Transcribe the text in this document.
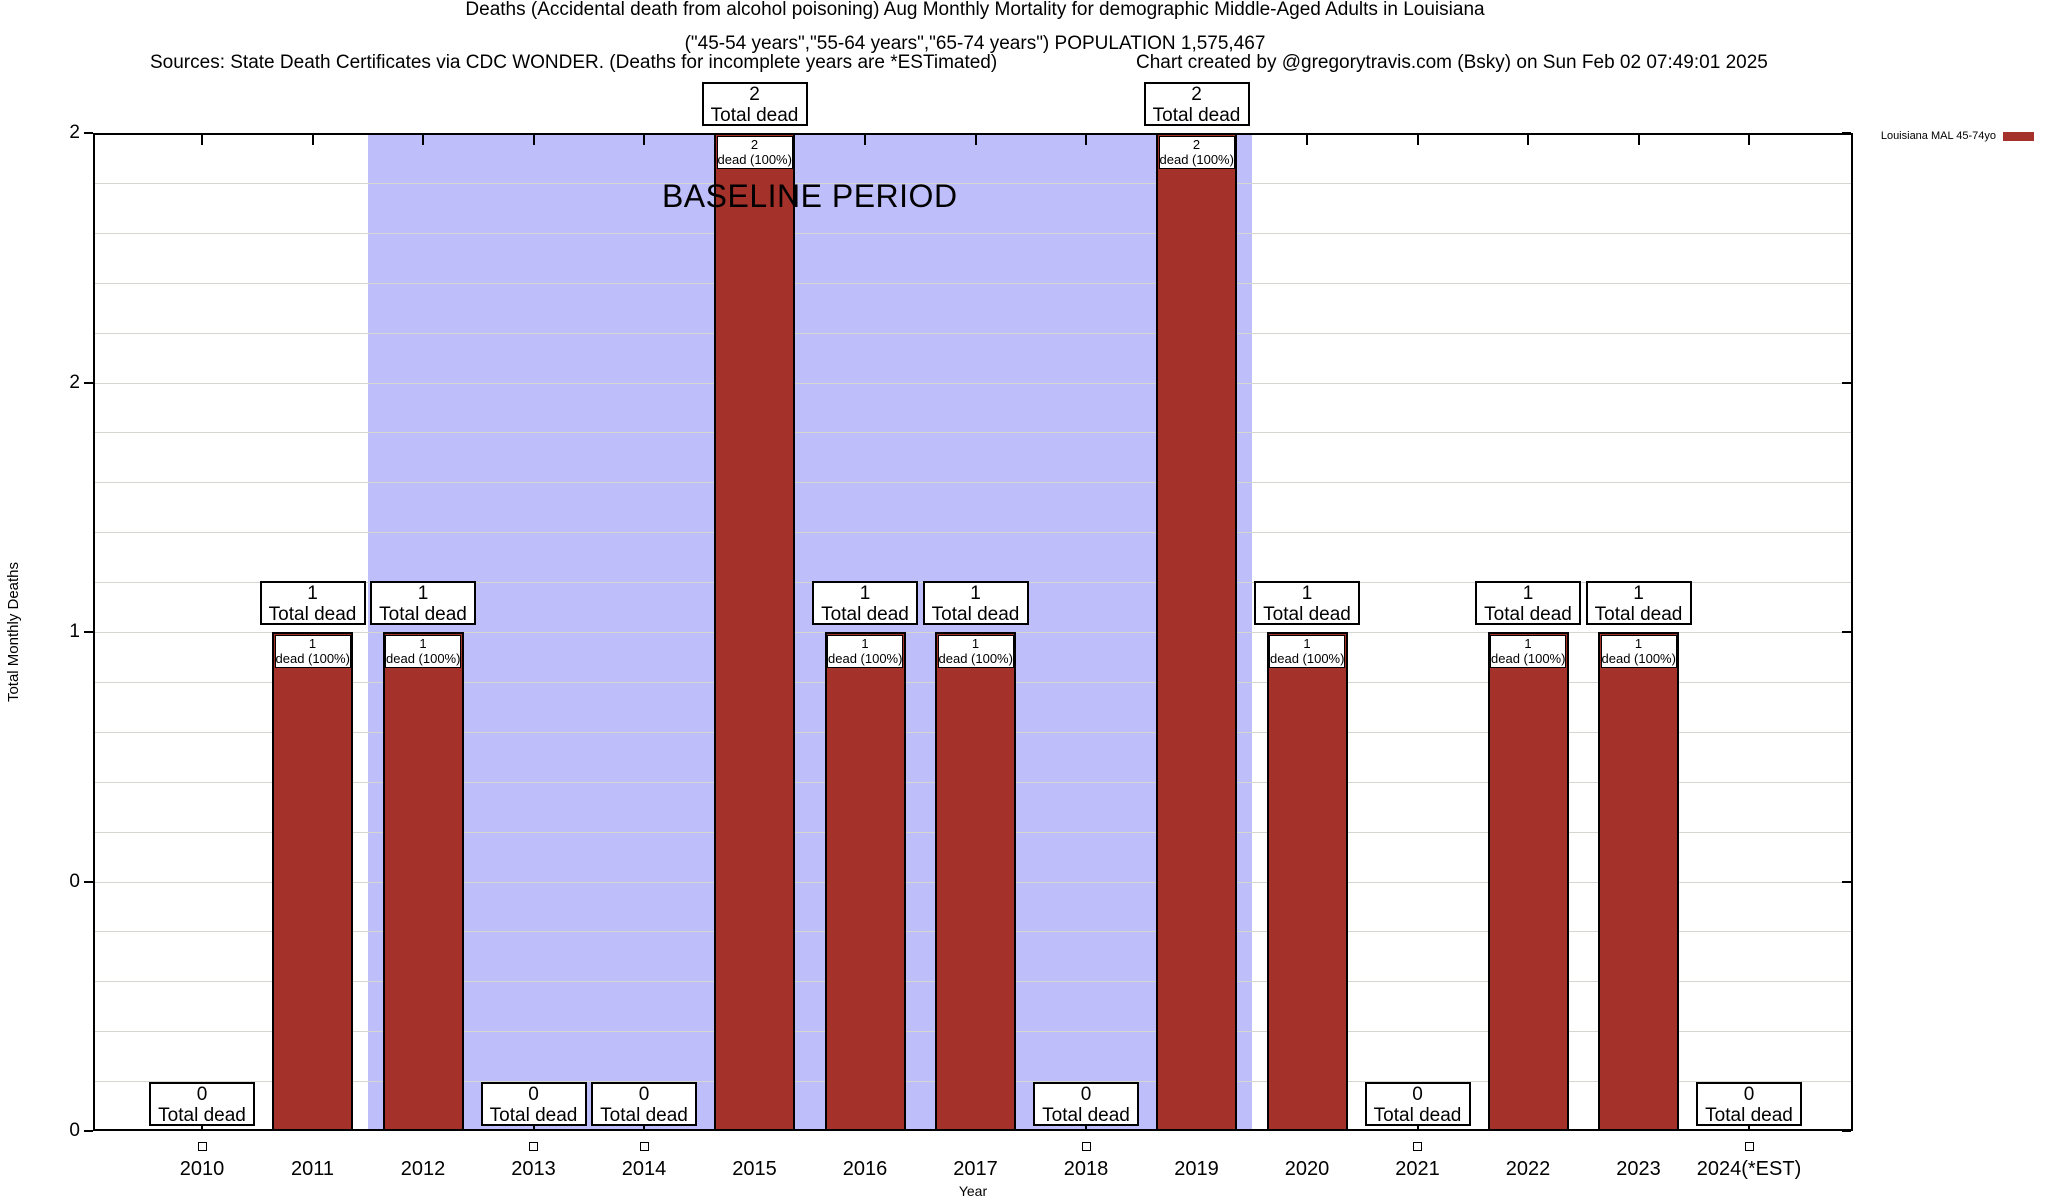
Deaths (Accidental death from alcohol poisoning) Aug Monthly Mortality for demographic Middle-Aged Adults in Louisiana
("45-54 years","55-64 years","65-74 years") POPULATION 1,575,467
Sources: State Death Certificates via CDC WONDER. (Deaths for incomplete years are *ESTimated)	Chart created by @gregorytravis.com (Bsky) on Sun Feb 02 07:49:01 2025
Louisiana MAL 45-74yo
Total Monthly Deaths
Year
0
0
1
2
2
0
Total dead
2010
1
dead (100%)
1
Total dead
2011
1
dead (100%)
1
Total dead
2012
0
Total dead
2013
0
Total dead
2014
2
dead (100%)
2
Total dead
2015
1
dead (100%)
1
Total dead
2016
1
dead (100%)
1
Total dead
2017
0
Total dead
2018
2
dead (100%)
2
Total dead
2019
1
dead (100%)
1
Total dead
2020
0
Total dead
2021
1
dead (100%)
1
Total dead
2022
1
dead (100%)
1
Total dead
2023
0
Total dead
2024(*EST)
BASELINE PERIOD
